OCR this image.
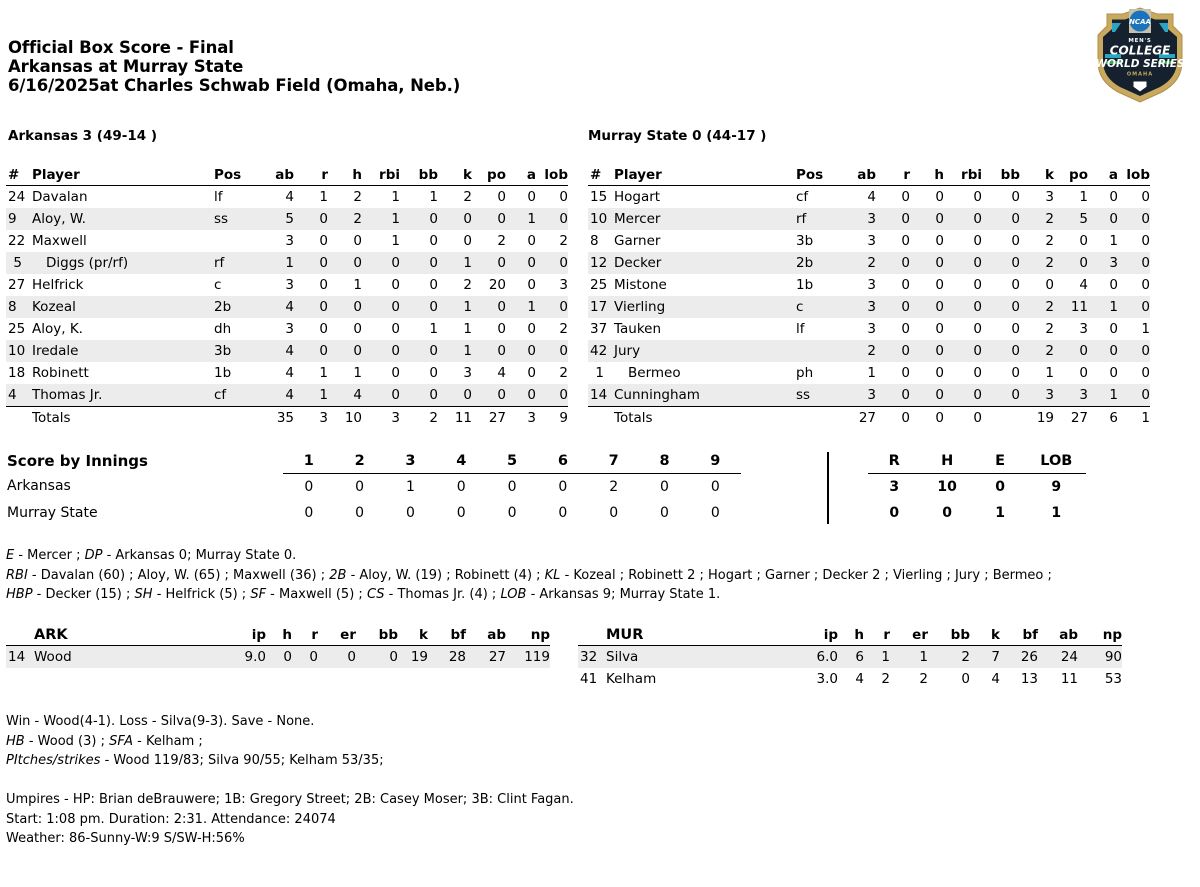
Official Box Score - Final
Arkansas at Murray State
6/16/2025at Charles Schwab Field (Omaha, Neb.)
NCAA
MEN'S
COLLEGE
WORLD SERIES
OMAHA
Arkansas 3 (49-14 )	Murray State 0 (44-17 )
#	Player	Pos	ab	r	h	rbi	bb	k	po	a	lob
24	Davalan	lf	4	1	2	1	1	2	0	0	0
9	Aloy, W.	ss	5	0	2	1	0	0	0	1	0
22	Maxwell		3	0	0	1	0	0	2	0	2
5	Diggs (pr/rf)	rf	1	0	0	0	0	1	0	0	0
27	Helfrick	c	3	0	1	0	0	2	20	0	3
8	Kozeal	2b	4	0	0	0	0	1	0	1	0
25	Aloy, K.	dh	3	0	0	0	1	1	0	0	2
10	Iredale	3b	4	0	0	0	0	1	0	0	0
18	Robinett	1b	4	1	1	0	0	3	4	0	2
4	Thomas Jr.	cf	4	1	4	0	0	0	0	0	0
	Totals		35	3	10	3	2	11	27	3	9
#	Player	Pos	ab	r	h	rbi	bb	k	po	a	lob
15	Hogart	cf	4	0	0	0	0	3	1	0	0
10	Mercer	rf	3	0	0	0	0	2	5	0	0
8	Garner	3b	3	0	0	0	0	2	0	1	0
12	Decker	2b	2	0	0	0	0	2	0	3	0
25	Mistone	1b	3	0	0	0	0	0	4	0	0
17	Vierling	c	3	0	0	0	0	2	11	1	0
37	Tauken	lf	3	0	0	0	0	2	3	0	1
42	Jury		2	0	0	0	0	2	0	0	0
1	Bermeo	ph	1	0	0	0	0	1	0	0	0
14	Cunningham	ss	3	0	0	0	0	3	3	1	0
	Totals		27	0	0	0		19	27	6	1
Score by Innings	1	2	3	4	5	6	7	8	9			R	H	E	LOB
Arkansas	0	0	1	0	0	0	2	0	0			3	10	0	9
Murray State	0	0	0	0	0	0	0	0	0			0	0	1	1
E - Mercer ; DP - Arkansas 0; Murray State 0.
RBI - Davalan (60) ; Aloy, W. (65) ; Maxwell (36) ; 2B - Aloy, W. (19) ; Robinett (4) ; KL - Kozeal ; Robinett 2 ; Hogart ; Garner ; Decker 2 ; Vierling ; Jury ; Bermeo ;
HBP - Decker (15) ; SH - Helfrick (5) ; SF - Maxwell (5) ; CS - Thomas Jr. (4) ; LOB - Arkansas 9; Murray State 1.
	ARK	ip	h	r	er	bb	k	bf	ab	np
14	Wood	9.0	0	0	0	0	19	28	27	119
	MUR	ip	h	r	er	bb	k	bf	ab	np
32	Silva	6.0	6	1	1	2	7	26	24	90
41	Kelham	3.0	4	2	2	0	4	13	11	53
Win - Wood(4-1). Loss - Silva(9-3). Save - None.
HB - Wood (3) ; SFA - Kelham ;
PItches/strikes - Wood 119/83; Silva 90/55; Kelham 53/35;
Umpires - HP: Brian deBrauwere; 1B: Gregory Street; 2B: Casey Moser; 3B: Clint Fagan.
Start: 1:08 pm. Duration: 2:31. Attendance: 24074
Weather: 86-Sunny-W:9 S/SW-H:56%
